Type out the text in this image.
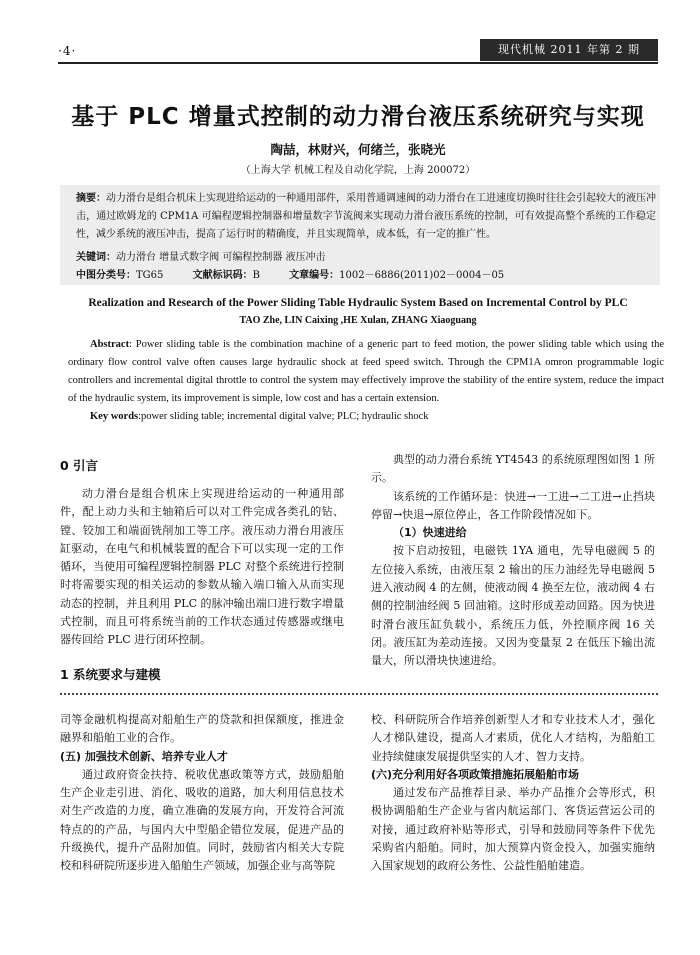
·4·	现代机械 2011 年第 2 期
基于 PLC 增量式控制的动力滑台液压系统研究与实现
陶喆，林财兴，何绪兰，张晓光
（上海大学 机械工程及自动化学院，上海 200072）
摘要：动力滑台是组合机床上实现进给运动的一种通用部件，采用普通调速阀的动力滑台在工进速度切换时往往会引起较大的液压冲击，通过欧姆龙的 CPM1A 可编程逻辑控制器和增量数字节流阀来实现动力滑台液压系统的控制，可有效提高整个系统的工作稳定性，减少系统的液压冲击，提高了运行时的精确度，并且实现简单，成本低，有一定的推广性。
关键词：动力滑台 增量式数字阀 可编程控制器 液压冲击
中图分类号：TG65	文献标识码：B	文章编号：1002－6886(2011)02－0004－05
Realization and Research of the Power Sliding Table Hydraulic System Based on Incremental Control by PLC
TAO Zhe, LIN Caixing ,HE Xulan, ZHANG Xiaoguang
Abstract: Power sliding table is the combination machine of a generic part to feed motion, the power sliding table which using the ordinary flow control valve often causes large hydraulic shock at feed speed switch. Through the CPM1A omron programmable logic controllers and incremental digital throttle to control the system may effectively improve the stability of the entire system, reduce the impact of the hydraulic system, its improvement is simple, low cost and has a certain extension.
Key words:power sliding table; incremental digital valve; PLC; hydraulic shock
0 引言

动力滑台是组合机床上实现进给运动的一种通用部件，配上动力头和主轴箱后可以对工件完成各类孔的钻、镗、铰加工和端面铣削加工等工序。液压动力滑台用液压缸驱动，在电气和机械装置的配合下可以实现一定的工作循环，当使用可编程逻辑控制器 PLC 对整个系统进行控制时将需要实现的相关运动的参数从输入端口输入从而实现动态的控制，并且利用 PLC 的脉冲输出端口进行数字增量式控制，而且可将系统当前的工作状态通过传感器或继电器传回给 PLC 进行闭环控制。

1 系统要求与建模

典型的动力滑台系统 YT4543 的系统原理图如图 1 所示。

该系统的工作循环是：快进→一工进→二工进→止挡块停留→快退→原位停止，各工作阶段情况如下。

（1）快速进给

按下启动按钮，电磁铁 1YA 通电，先导电磁阀 5 的左位接入系统，由液压泵 2 输出的压力油经先导电磁阀 5 进入液动阀 4 的左侧，使液动阀 4 换至左位，液动阀 4 右侧的控制油经阀 5 回油箱。这时形成差动回路。因为快进时滑台液压缸负载小，系统压力低，外控顺序阀 16 关闭。液压缸为差动连接。又因为变量泵 2 在低压下输出流量大，所以滑块快速进给。

司等金融机构提高对船舶生产的贷款和担保额度，推进金融界和船舶工业的合作。

(五) 加强技术创新、培养专业人才

通过政府资金扶持、税收优惠政策等方式，鼓励船舶生产企业走引进、消化、吸收的道路，加大利用信息技术对生产改造的力度，确立准确的发展方向，开发符合河流特点的的产品，与国内大中型船企错位发展，促进产品的升级换代，提升产品附加值。同时，鼓励省内相关大专院校和科研院所逐步进入船舶生产领域，加强企业与高等院

校、科研院所合作培养创新型人才和专业技术人才，强化人才梯队建设，提高人才素质，优化人才结构，为船舶工业持续健康发展提供坚实的人才、智力支持。

(六)充分利用好各项政策措施拓展船舶市场

通过发布产品推荐目录、举办产品推介会等形式，积极协调船舶生产企业与省内航运部门、客货运营运公司的对接，通过政府补贴等形式，引导和鼓励同等条件下优先采购省内船舶。同时，加大预算内资金投入，加强实施纳入国家规划的政府公务性、公益性船舶建造。
